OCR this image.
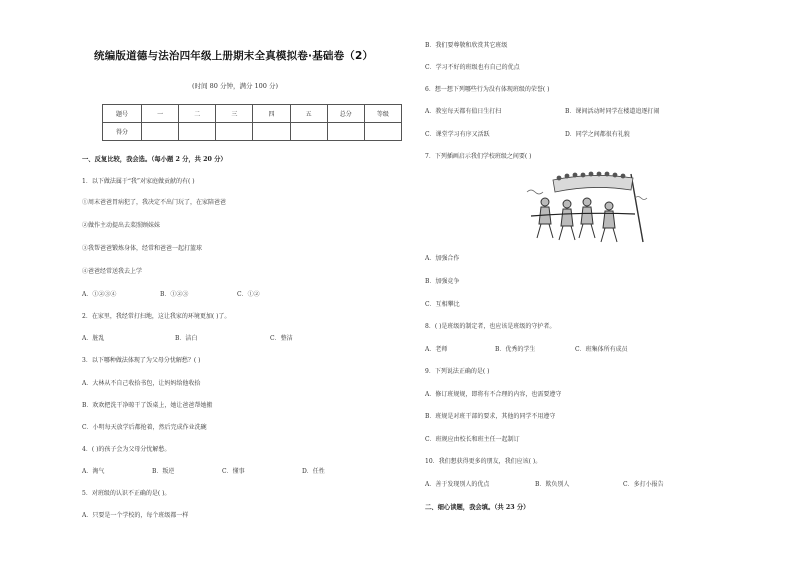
统编版道德与法治四年级上册期末全真模拟卷·基础卷（2）
(时间 80 分钟，满分 100 分)
题号	一	二	三	四	五	总分	等级
得分							
一、反复比较，我会选。（每小题 2 分，共 20 分）
1．以下做法属于“我”对家庭做贡献的有( )
①周末爸爸胃病犯了，我决定不出门玩了，在家陪爸爸
②做作主动提出去菜照顾妹妹
③我帮爸爸锻炼身体，经常和爸爸一起打篮球
④爸爸经常送我去上学
A．①②③④	B．①②③	C．①②
2．在家里，我经常打扫地，这让我家的环境更加( )了。
A．脏乱	B．洁白	C．整洁
3．以下哪种做法体现了为父母分忧解愁？( )
A．大林从不自己收拾书包，让妈妈给他收拾
B．欢欢把洗干净晾干了饭桌上，她让爸爸帮她搬
C．小明每天放学后都抢着，然后完成作业洗碗
4．( )的孩子会为父母分忧解愁。
A．淘气	B．叛逆	C．懂事	D．任性
5．对班级的认识不正确的是( )。
A．只要是一个学校的，每个班级都一样
B．我们要尊敬和欣赏其它班级
C．学习不好的班级也有自己的优点
6．想一想下列哪些行为没有体现班级的荣誉( )
A．教室每天都有值日生打扫	B．课间活动时同学在楼道追逐打闹
C．课堂学习有序又活跃	D．同学之间都很有礼貌
7．下列插画启示我们学校班级之间要( )
A．加强合作
B．加强竞争
C．互相攀比
8．( )是班级的制定者，也应该是班级的守护者。
A．老师	B．优秀的学生	C．班集体所有成员
9．下列说法正确的是( )
A．修订班规规，即将有不合理的内容，也需要遵守
B．班规是对班干部的要求，其他的同学不用遵守
C．班规应由校长和班主任一起制订
10．我们想获得更多的朋友，我们应该( )。
A．善于发现别人的优点	B．欺负别人	C．多打小报告
二、细心读题，我会填。（共 23 分）
